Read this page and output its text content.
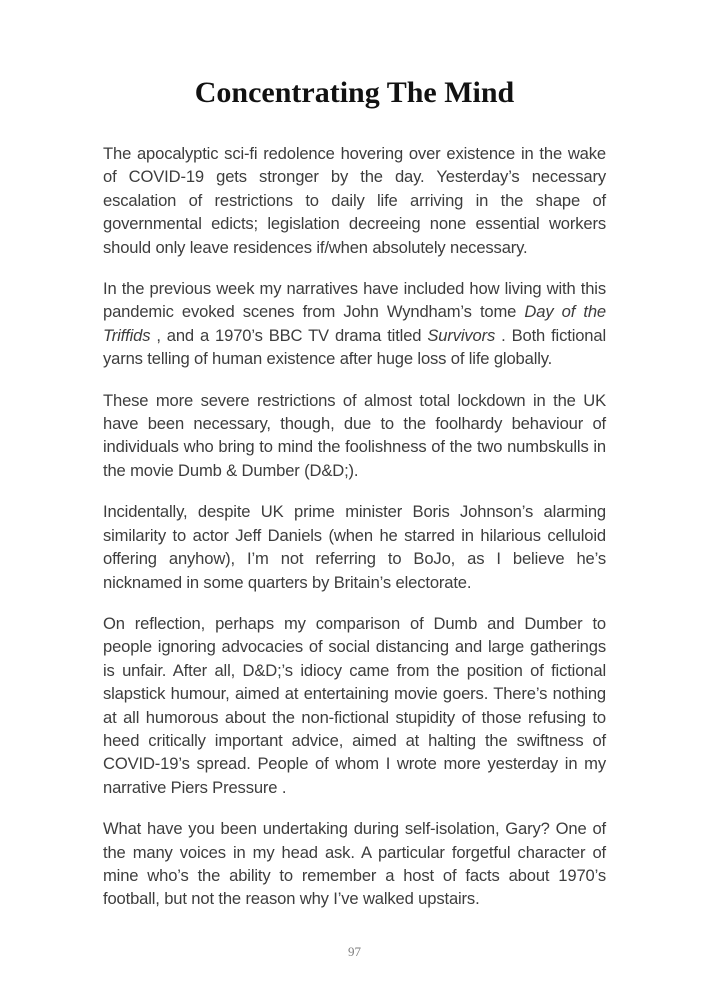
Concentrating The Mind

The apocalyptic sci-fi redolence hovering over existence in the wake of COVID-19 gets stronger by the day. Yesterday’s necessary escalation of restrictions to daily life arriving in the shape of governmental edicts; legislation decreeing none essential workers should only leave residences if/when absolutely necessary.

In the previous week my narratives have included how living with this pandemic evoked scenes from John Wyndham’s tome Day of the Triffids , and a 1970’s BBC TV drama titled Survivors . Both fictional yarns telling of human existence after huge loss of life globally.

These more severe restrictions of almost total lockdown in the UK have been necessary, though, due to the foolhardy behaviour of individuals who bring to mind the foolishness of the two numbskulls in the movie Dumb & Dumber (D&D;).

Incidentally, despite UK prime minister Boris Johnson’s alarming similarity to actor Jeff Daniels (when he starred in hilarious celluloid offering anyhow), I’m not referring to BoJo, as I believe he’s nicknamed in some quarters by Britain’s electorate.

On reflection, perhaps my comparison of Dumb and Dumber to people ignoring advocacies of social distancing and large gatherings is unfair. After all, D&D;’s idiocy came from the position of fictional slapstick humour, aimed at entertaining movie goers. There’s nothing at all humorous about the non-fictional stupidity of those refusing to heed critically important advice, aimed at halting the swiftness of COVID-19’s spread. People of whom I wrote more yesterday in my narrative Piers Pressure .

What have you been undertaking during self-isolation, Gary? One of the many voices in my head ask. A particular forgetful character of mine who’s the ability to remember a host of facts about 1970’s football, but not the reason why I’ve walked upstairs.

97
